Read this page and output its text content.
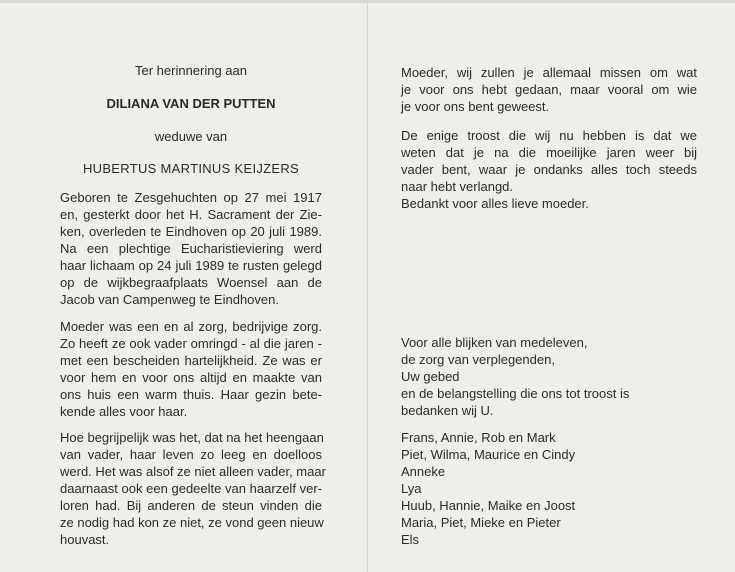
Ter herinnering aan
DILIANA VAN DER PUTTEN
weduwe van
HUBERTUS MARTINUS KEIJZERS
Geboren te Zesgehuchten op 27 mei 1917
en, gesterkt door het H. Sacrament der Zie-
ken, overleden te Eindhoven op 20 juli 1989.
Na een plechtige Eucharistieviering werd
haar lichaam op 24 juli 1989 te rusten gelegd
op de wijkbegraafplaats Woensel aan de
Jacob van Campenweg te Eindhoven.
Moeder was een en al zorg, bedrijvige zorg.
Zo heeft ze ook vader omringd - al die jaren -
met een bescheiden hartelijkheid. Ze was er
voor hem en voor ons altijd en maakte van
ons huis een warm thuis. Haar gezin bete-
kende alles voor haar.
Hoe begrijpelijk was het, dat na het heengaan
van vader, haar leven zo leeg en doelloos
werd. Het was alsof ze niet alleen vader, maar
daarnaast ook een gedeelte van haarzelf ver-
loren had. Bij anderen de steun vinden die
ze nodig had kon ze niet, ze vond geen nieuw
houvast.
Moeder, wij zullen je allemaal missen om wat
je voor ons hebt gedaan, maar vooral om wie
je voor ons bent geweest.
De enige troost die wij nu hebben is dat we
weten dat je na die moeilijke jaren weer bij
vader bent, waar je ondanks alles toch steeds
naar hebt verlangd.
Bedankt voor alles lieve moeder.
Voor alle blijken van medeleven,
de zorg van verplegenden,
Uw gebed
en de belangstelling die ons tot troost is
bedanken wij U.
Frans, Annie, Rob en Mark
Piet, Wilma, Maurice en Cindy
Anneke
Lya
Huub, Hannie, Maike en Joost
Maria, Piet, Mieke en Pieter
Els
